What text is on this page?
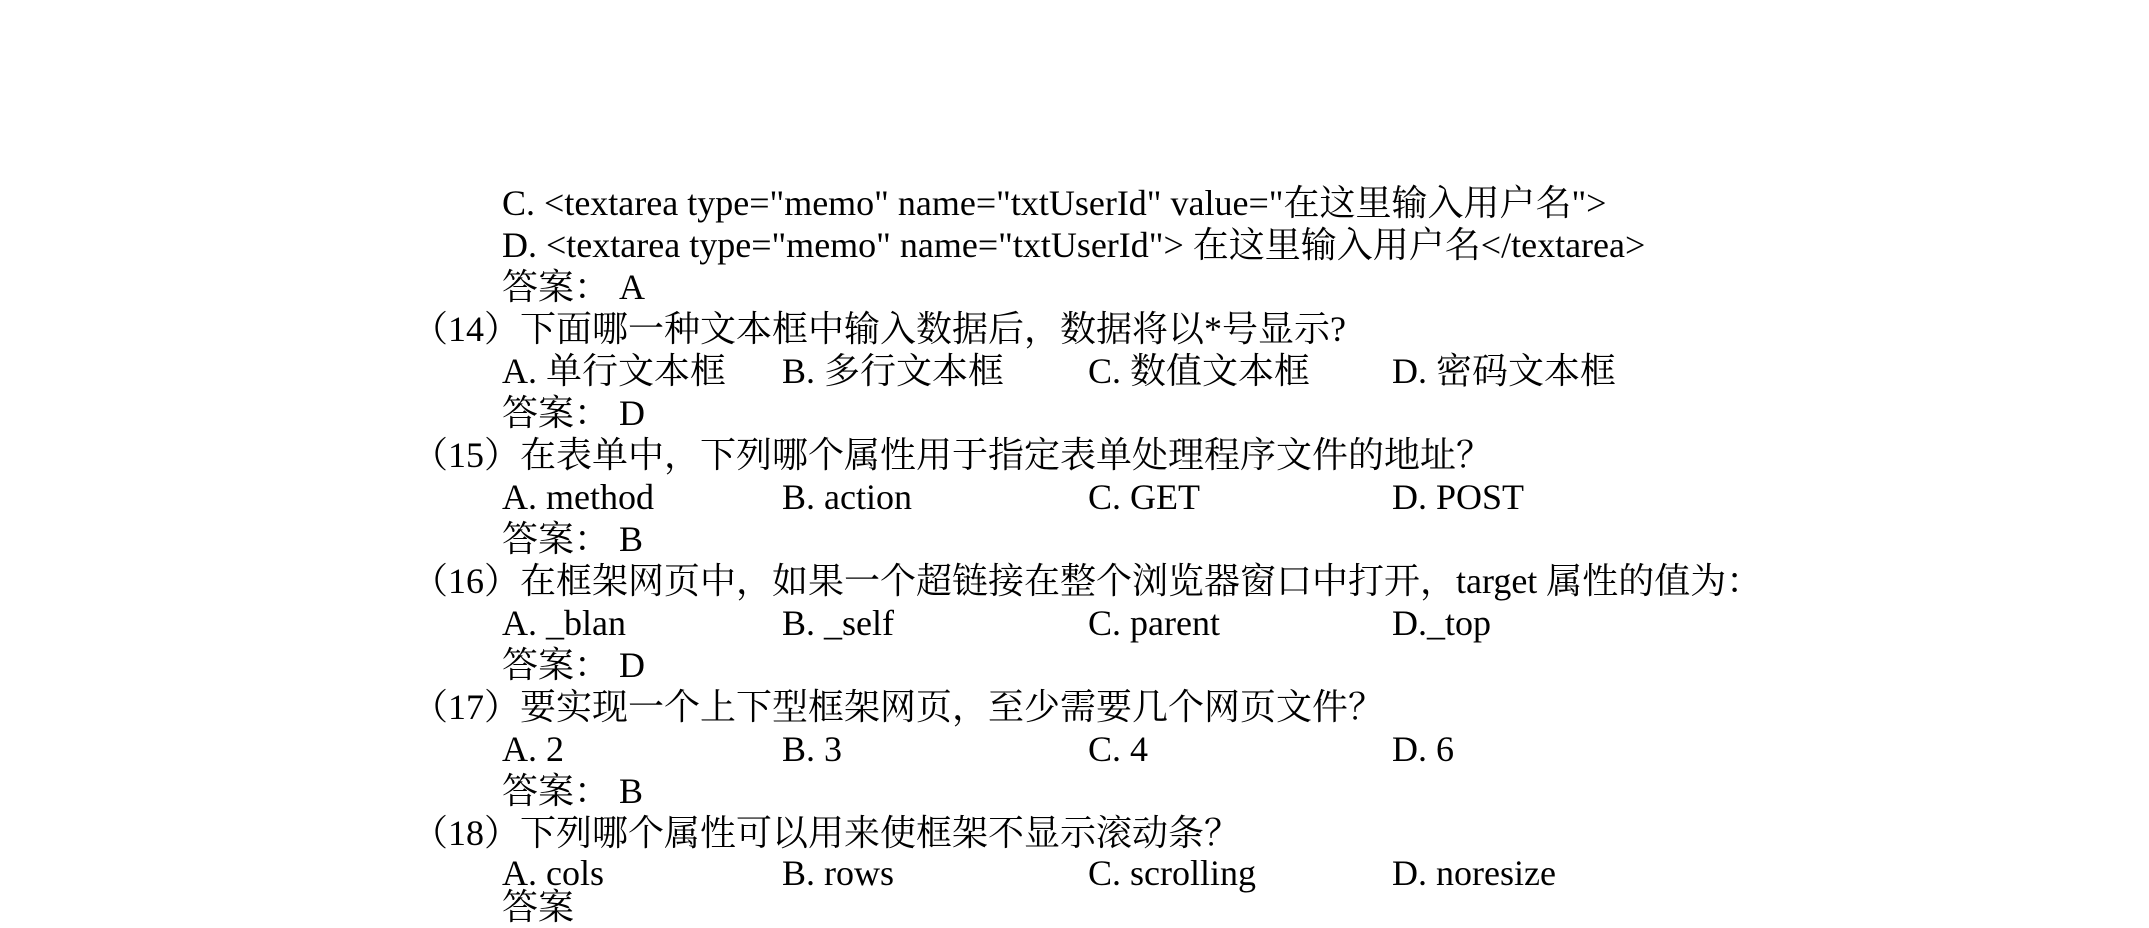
C. <textarea type="memo" name="txtUserId" value="在这里输入用户名">
D. <textarea type="memo" name="txtUserId"> 在这里输入用户名</textarea>
答案： A
（14）下面哪一种文本框中输入数据后，数据将以*号显示?
A. 单行文本框 B. 多行文本框 C. 数值文本框 D. 密码文本框
答案： D
（15）在表单中，下列哪个属性用于指定表单处理程序文件的地址？
A. method	B. action	C. GET	D. POST
答案： B
（16）在框架网页中，如果一个超链接在整个浏览器窗口中打开，target 属性的值为：
A. _blan	B. _self	C. parent	D._top
答案： D
（17）要实现一个上下型框架网页，至少需要几个网页文件？
A. 2	B. 3	C. 4	D. 6
答案： B
（18）下列哪个属性可以用来使框架不显示滚动条？
A. cols	B. rows	C. scrolling	D. noresize
答案
